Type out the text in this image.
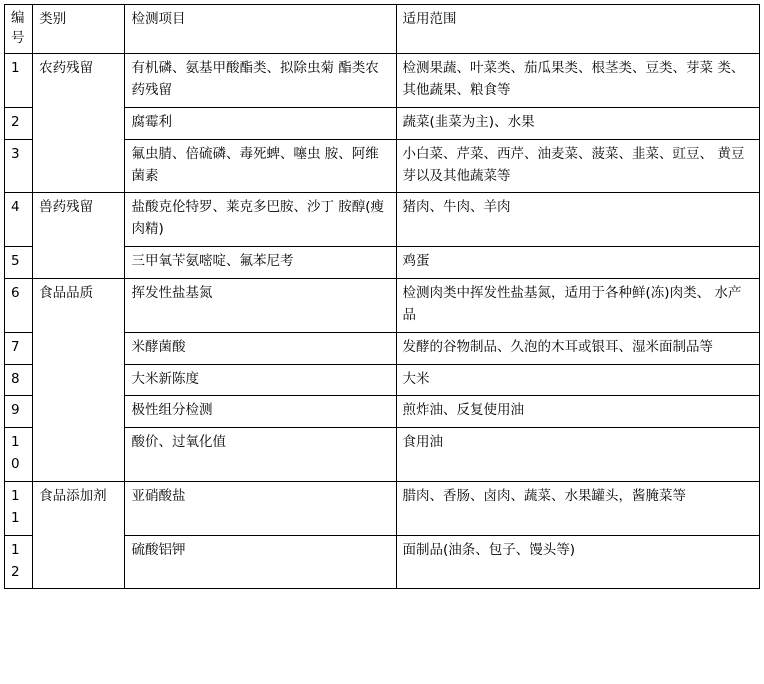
编
号	类别	检测项目	适用范围
1	农药残留	有机磷、氨基甲酸酯类、拟除虫菊 酯类农药残留	检测果蔬、叶菜类、茄瓜果类、根茎类、豆类、芽菜 类、其他蔬果、粮食等
2		腐霉利	蔬菜(韭菜为主)、水果
3		氟虫腈、倍硫磷、毒死蜱、噻虫 胺、阿维菌素	小白菜、芹菜、西芹、油麦菜、菠菜、韭菜、豇豆、 黄豆芽以及其他蔬菜等
4	兽药残留	盐酸克伦特罗、莱克多巴胺、沙丁 胺醇(瘦肉精)	猪肉、牛肉、羊肉
5		三甲氧苄氨嘧啶、氟苯尼考	鸡蛋
6	食品品质	挥发性盐基氮	检测肉类中挥发性盐基氮，适用于各种鲜(冻)肉类、 水产品
7		米酵菌酸	发酵的谷物制品、久泡的木耳或银耳、湿米面制品等
8		大米新陈度	大米
9		极性组分检测	煎炸油、反复使用油
10		酸价、过氧化值	食用油
11	食品添加剂	亚硝酸盐	腊肉、香肠、卤肉、蔬菜、水果罐头，酱腌菜等
12		硫酸铝钾	面制品(油条、包子、馒头等)
